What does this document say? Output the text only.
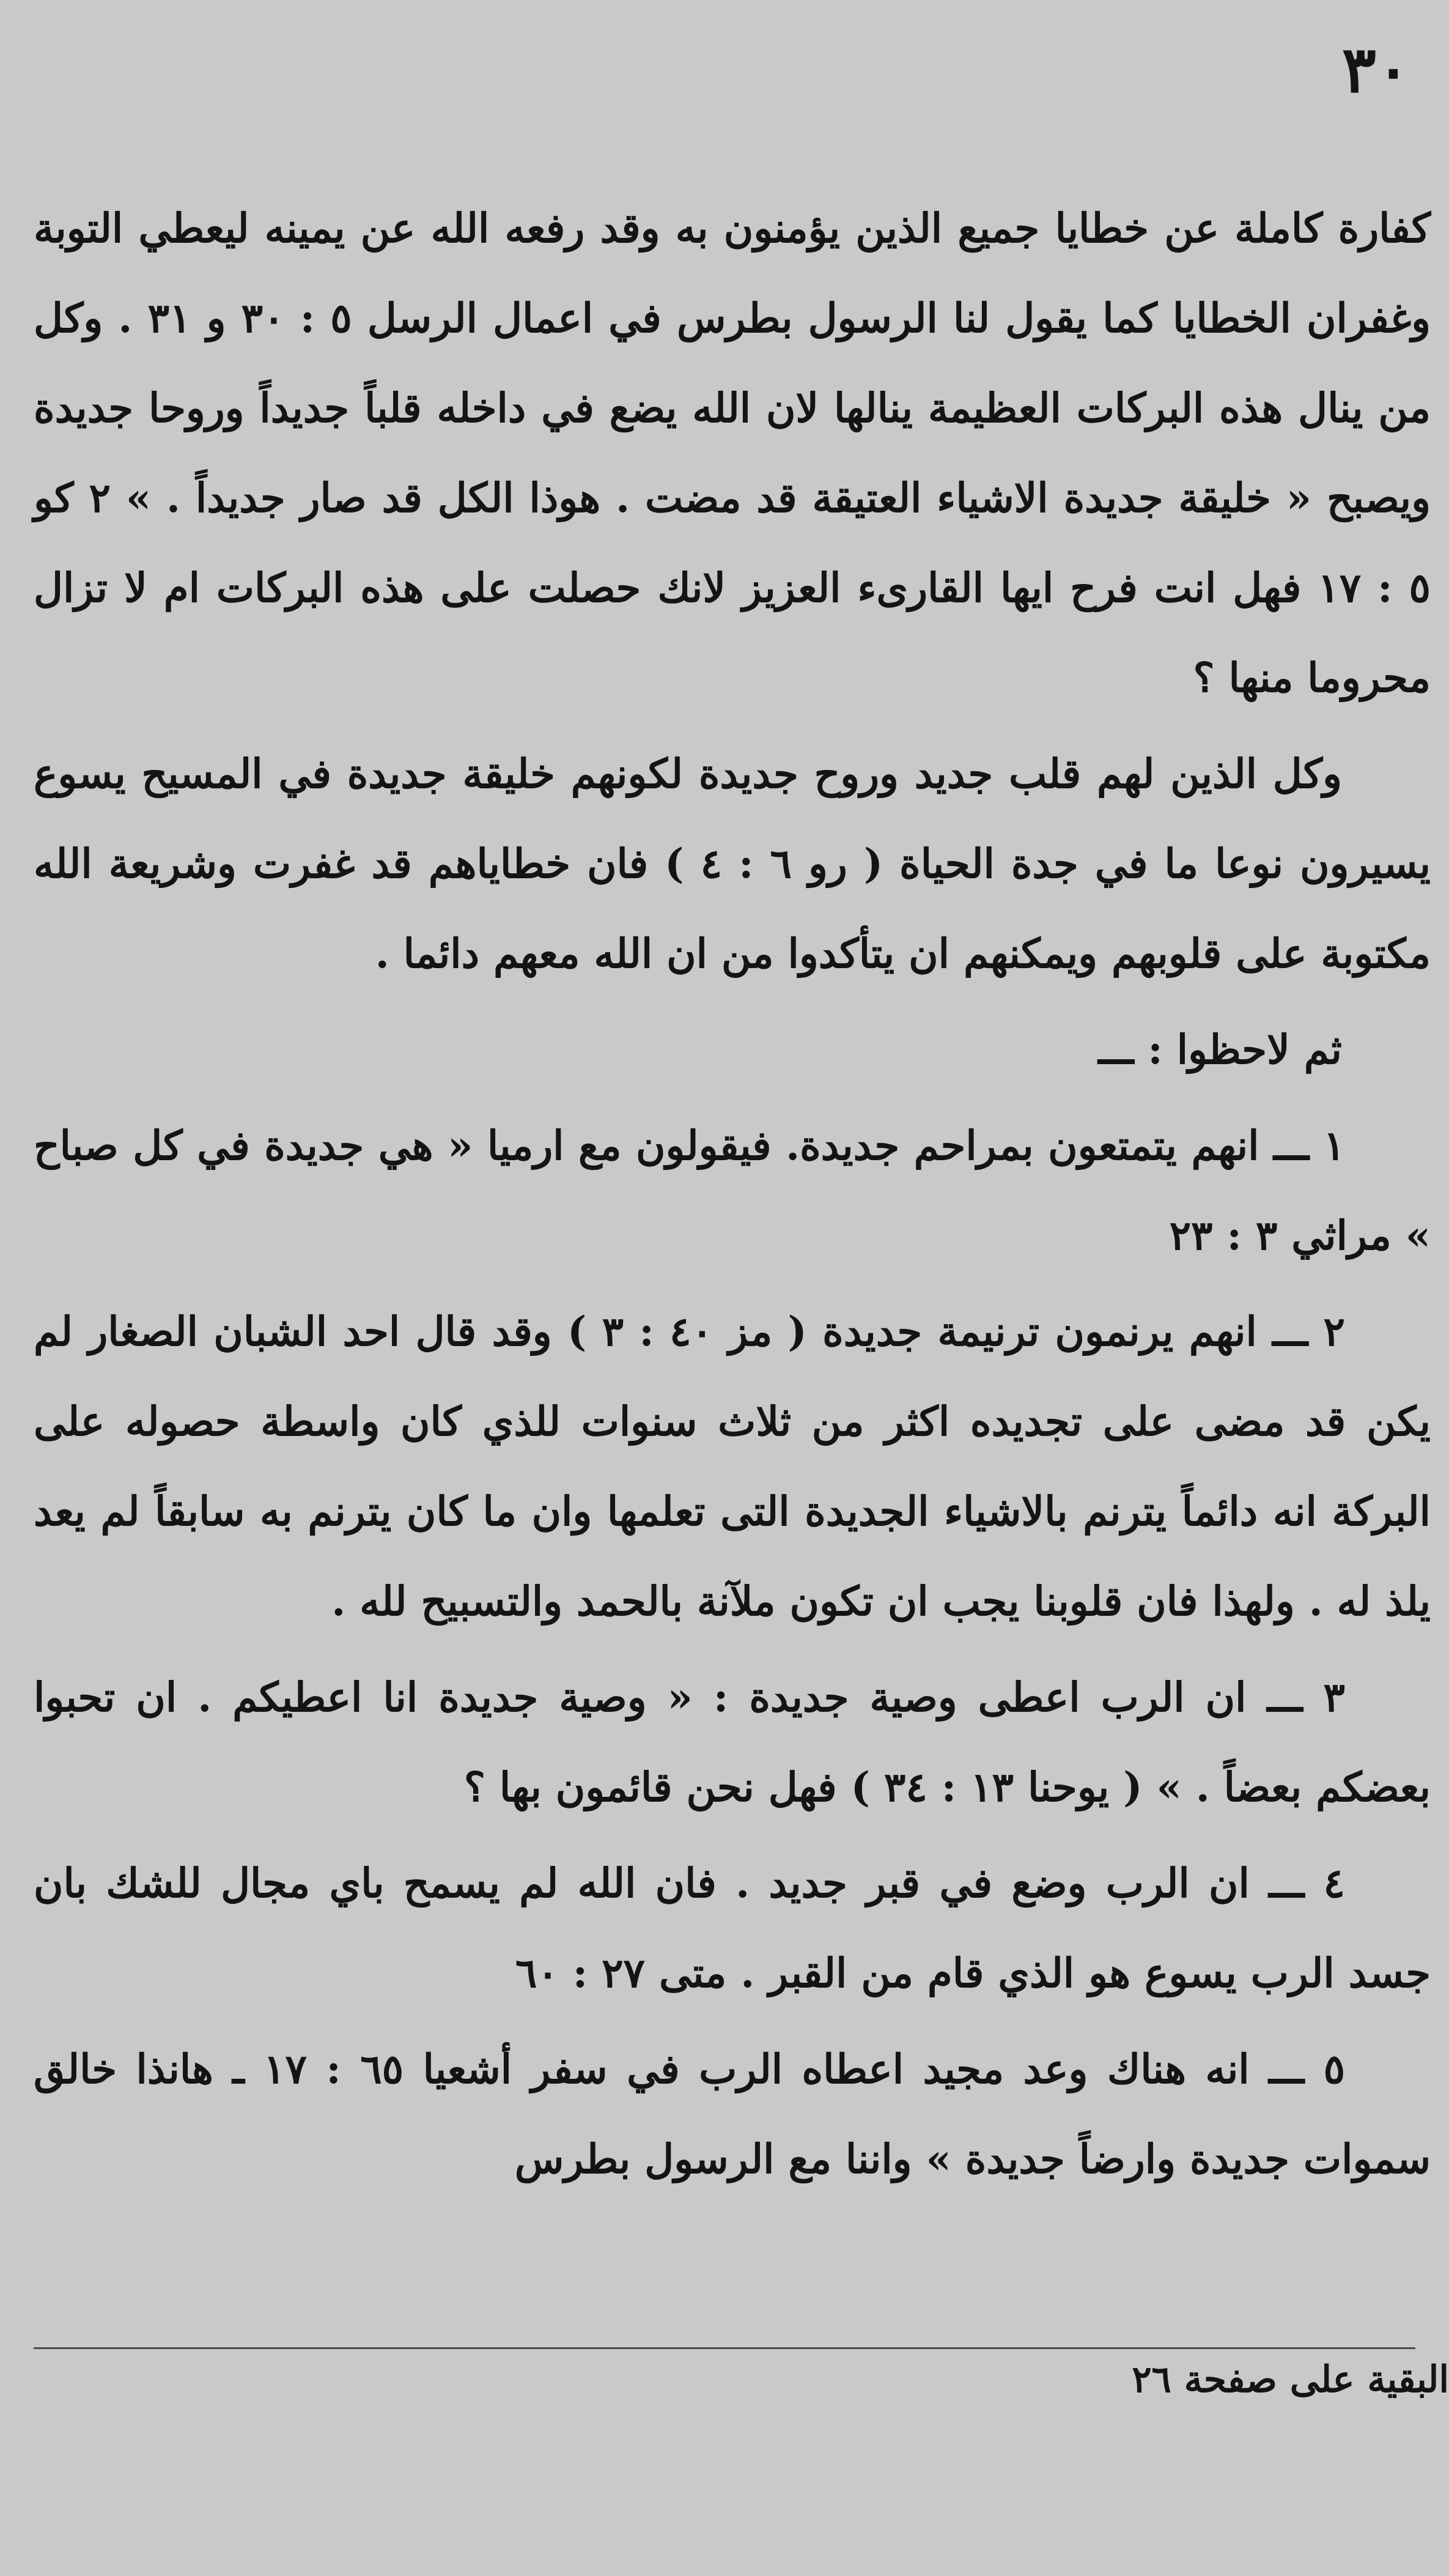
٣٠

كفارة كاملة عن خطايا جميع الذين يؤمنون به وقد رفعه الله عن يمينه ليعطي التوبة وغفران الخطايا كما يقول لنا الرسول بطرس في اعمال الرسل ٥ : ٣٠ و ٣١ . وكل من ينال هذه البركات العظيمة ينالها لان الله يضع في داخله قلباً جديداً وروحا جديدة ويصبح « خليقة جديدة الاشياء العتيقة قد مضت . هوذا الكل قد صار جديداً . » ٢ كو ٥ : ١٧ فهل انت فرح ايها القارىء العزيز لانك حصلت على هذه البركات ام لا تزال محروما منها ؟

وكل الذين لهم قلب جديد وروح جديدة لكونهم خليقة جديدة في المسيح يسوع يسيرون نوعا ما في جدة الحياة ( رو ٦ : ٤ ) فان خطاياهم قد غفرت وشريعة الله مكتوبة على قلوبهم ويمكنهم ان يتأكدوا من ان الله معهم دائما .

ثم لاحظوا : ـــ

١ ـــ انهم يتمتعون بمراحم جديدة. فيقولون مع ارميا « هي جديدة في كل صباح » مراثي ٣ : ٢٣

٢ ـــ انهم يرنمون ترنيمة جديدة ( مز ٤٠ : ٣ ) وقد قال احد الشبان الصغار لم يكن قد مضى على تجديده اكثر من ثلاث سنوات للذي كان واسطة حصوله على البركة انه دائماً يترنم بالاشياء الجديدة التى تعلمها وان ما كان يترنم به سابقاً لم يعد يلذ له . ولهذا فان قلوبنا يجب ان تكون ملآنة بالحمد والتسبيح لله .

٣ ـــ ان الرب اعطى وصية جديدة : « وصية جديدة انا اعطيكم . ان تحبوا بعضكم بعضاً . » ( يوحنا ١٣ : ٣٤ ) فهل نحن قائمون بها ؟

٤ ـــ ان الرب وضع في قبر جديد . فان الله لم يسمح باي مجال للشك بان جسد الرب يسوع هو الذي قام من القبر . متى ٢٧ : ٦٠

٥ ـــ انه هناك وعد مجيد اعطاه الرب في سفر أشعيا ٦٥ : ١٧ ـ هانذا خالق سموات جديدة وارضاً جديدة » واننا مع الرسول بطرس

البقية على صفحة ٢٦
